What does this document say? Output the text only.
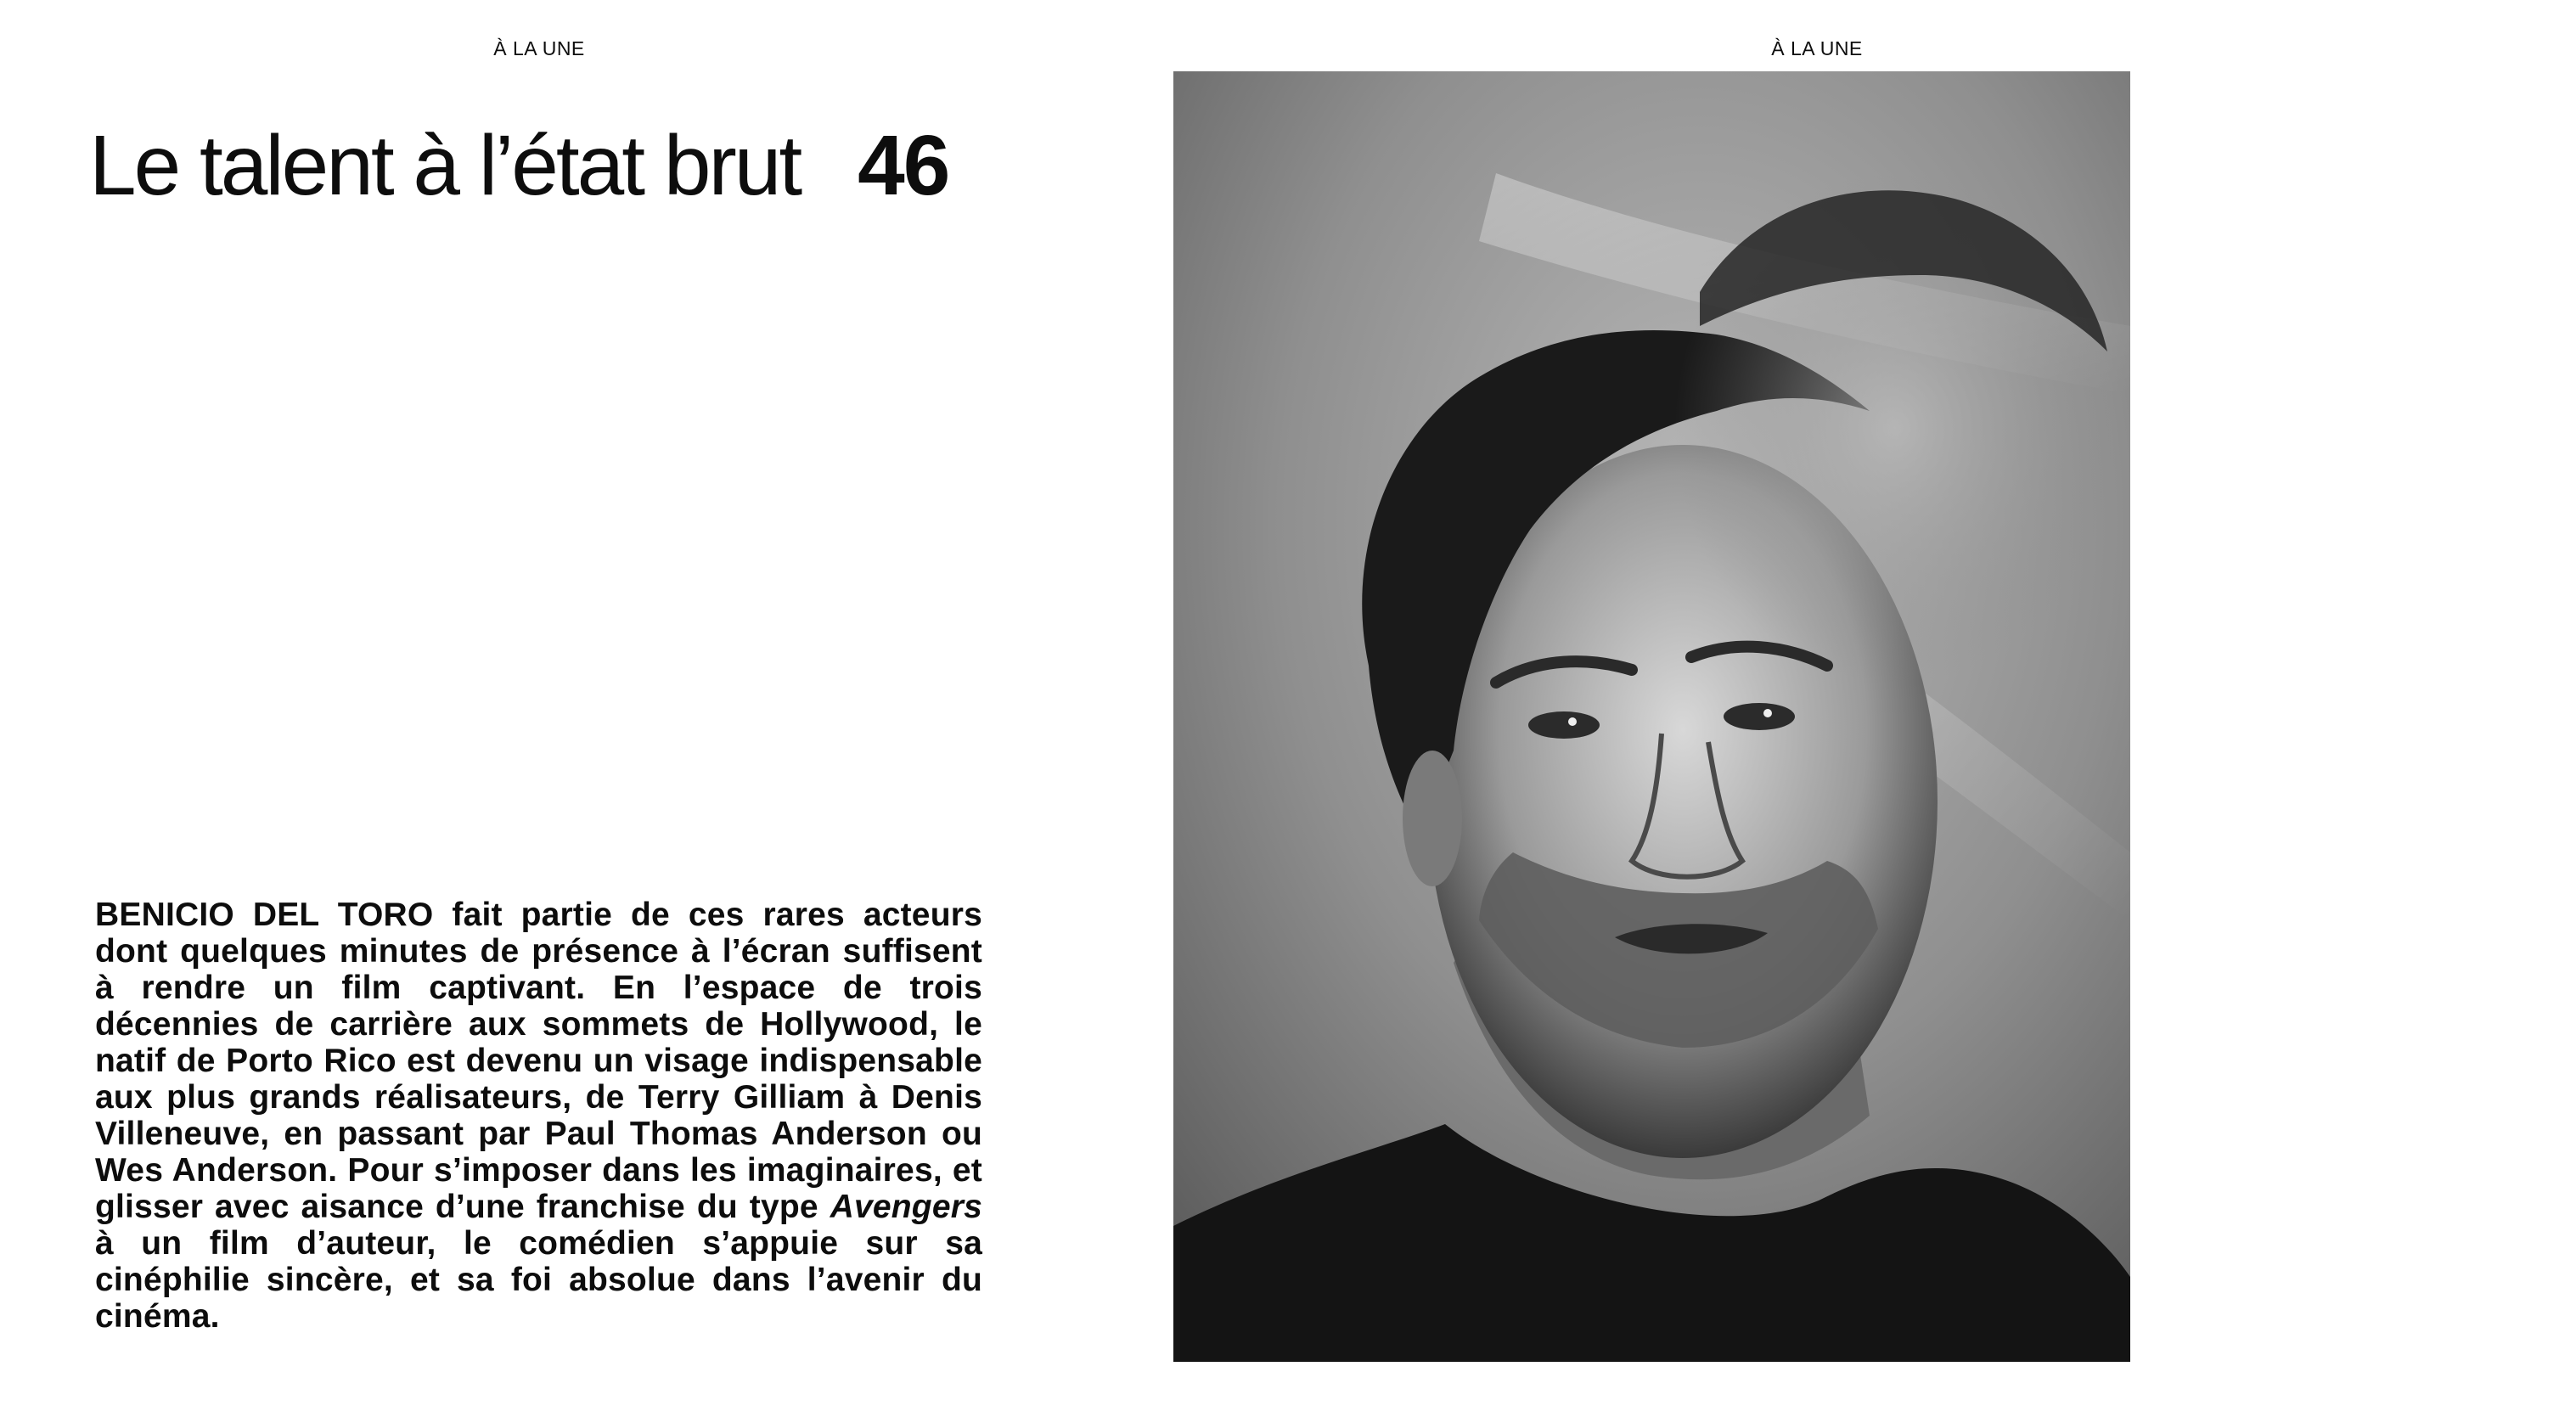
À LA UNE
Le talent à l’état brut 46
BENICIO DEL TORO fait partie de ces rares acteurs dont quelques minutes de présence à l’écran suffisent à rendre un film captivant. En l’espace de trois décennies de carrière aux sommets de Hollywood, le natif de Porto Rico est devenu un visage indispensable aux plus grands réalisateurs, de Terry Gilliam à Denis Villeneuve, en passant par Paul Thomas Anderson ou Wes Anderson. Pour s’imposer dans les imaginaires, et glisser avec aisance d’une franchise du type Avengers à un film d’auteur, le comédien s’appuie sur sa cinéphilie sincère, et sa foi absolue dans l’avenir du cinéma.
À LA UNE
Veste en jersey de laine et coton,
et polo en laine, ZEGNA.
